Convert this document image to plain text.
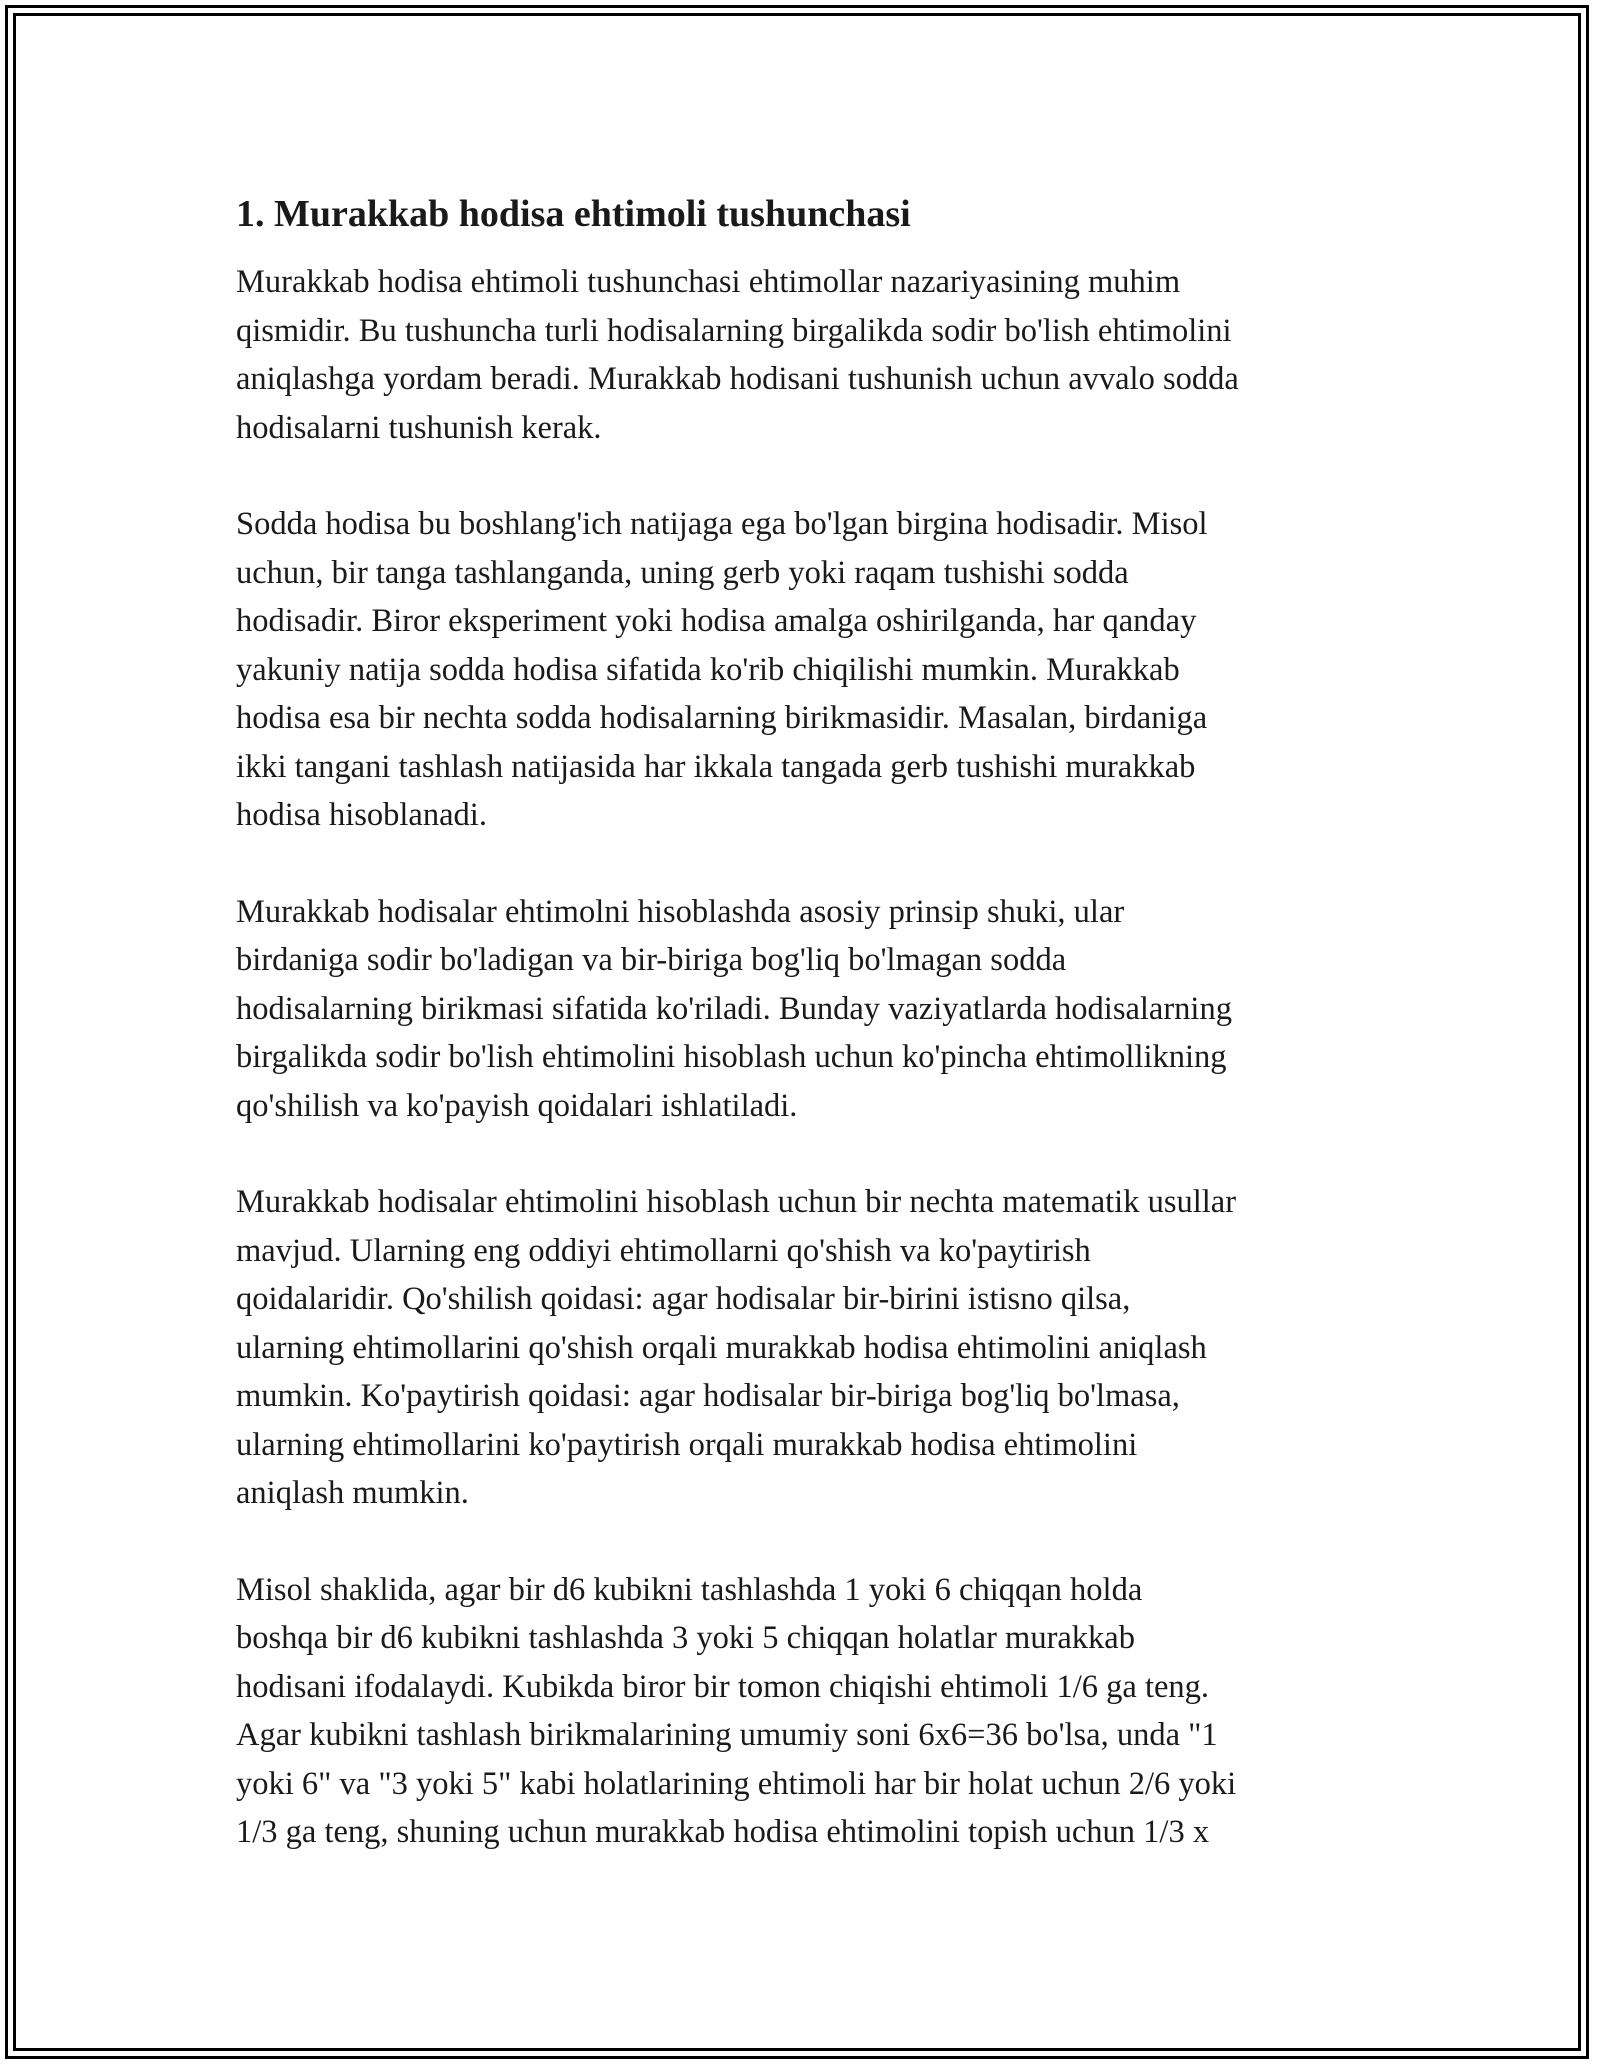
1. Murakkab hodisa ehtimoli tushunchasi

Murakkab hodisa ehtimoli tushunchasi ehtimollar nazariyasining muhim
qismidir. Bu tushuncha turli hodisalarning birgalikda sodir bo'lish ehtimolini
aniqlashga yordam beradi. Murakkab hodisani tushunish uchun avvalo sodda
hodisalarni tushunish kerak.

Sodda hodisa bu boshlang'ich natijaga ega bo'lgan birgina hodisadir. Misol
uchun, bir tanga tashlanganda, uning gerb yoki raqam tushishi sodda
hodisadir. Biror eksperiment yoki hodisa amalga oshirilganda, har qanday
yakuniy natija sodda hodisa sifatida ko'rib chiqilishi mumkin. Murakkab
hodisa esa bir nechta sodda hodisalarning birikmasidir. Masalan, birdaniga
ikki tangani tashlash natijasida har ikkala tangada gerb tushishi murakkab
hodisa hisoblanadi.

Murakkab hodisalar ehtimolni hisoblashda asosiy prinsip shuki, ular
birdaniga sodir bo'ladigan va bir-biriga bog'liq bo'lmagan sodda
hodisalarning birikmasi sifatida ko'riladi. Bunday vaziyatlarda hodisalarning
birgalikda sodir bo'lish ehtimolini hisoblash uchun ko'pincha ehtimollikning
qo'shilish va ko'payish qoidalari ishlatiladi.

Murakkab hodisalar ehtimolini hisoblash uchun bir nechta matematik usullar
mavjud. Ularning eng oddiyi ehtimollarni qo'shish va ko'paytirish
qoidalaridir. Qo'shilish qoidasi: agar hodisalar bir-birini istisno qilsa,
ularning ehtimollarini qo'shish orqali murakkab hodisa ehtimolini aniqlash
mumkin. Ko'paytirish qoidasi: agar hodisalar bir-biriga bog'liq bo'lmasa,
ularning ehtimollarini ko'paytirish orqali murakkab hodisa ehtimolini
aniqlash mumkin.

Misol shaklida, agar bir d6 kubikni tashlashda 1 yoki 6 chiqqan holda
boshqa bir d6 kubikni tashlashda 3 yoki 5 chiqqan holatlar murakkab
hodisani ifodalaydi. Kubikda biror bir tomon chiqishi ehtimoli 1/6 ga teng.
Agar kubikni tashlash birikmalarining umumiy soni 6x6=36 bo'lsa, unda "1
yoki 6" va "3 yoki 5" kabi holatlarining ehtimoli har bir holat uchun 2/6 yoki
1/3 ga teng, shuning uchun murakkab hodisa ehtimolini topish uchun 1/3 x
